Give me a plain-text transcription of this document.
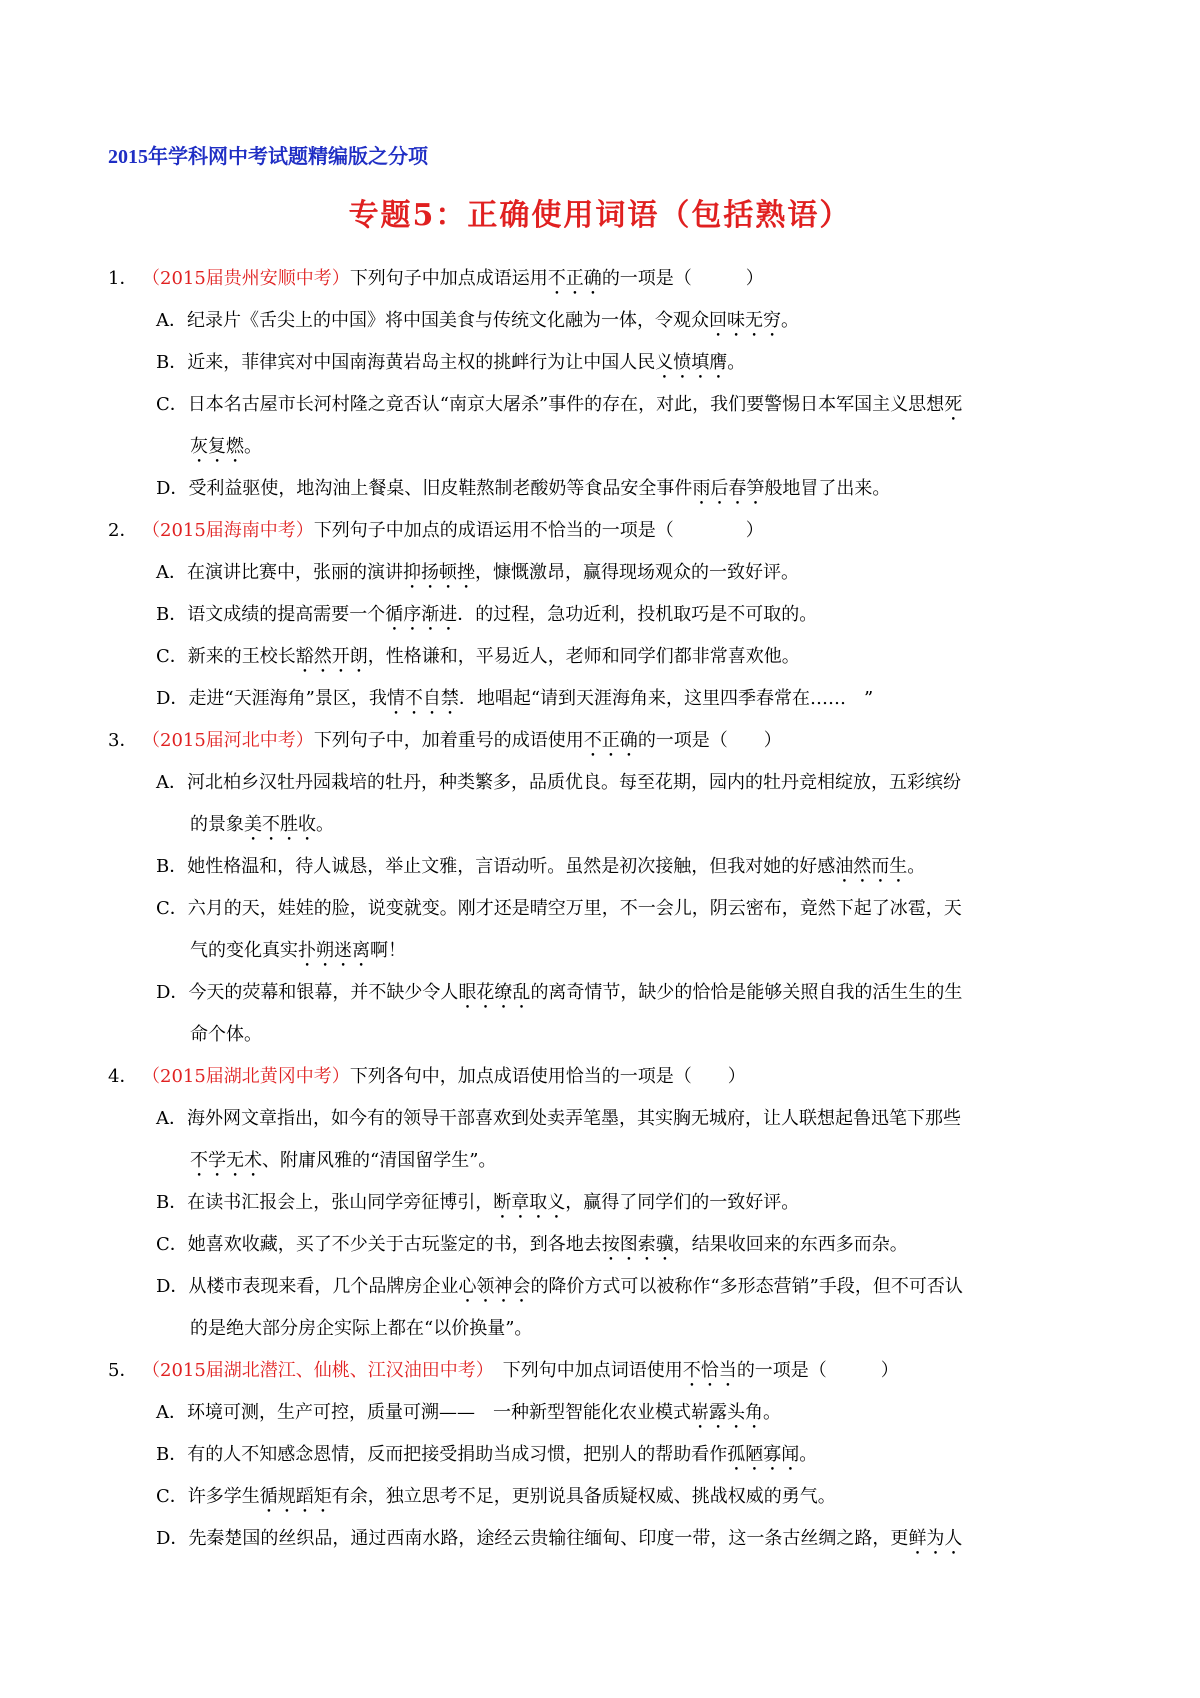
2015年学科网中考试题精编版之分项
专题5：正确使用词语（包括熟语）
1． （2015届贵州安顺中考）下列句子中加点成语运用不正确的一项是（　　　）
A．纪录片《舌尖上的中国》将中国美食与传统文化融为一体，令观众回味无穷。
B．近来，菲律宾对中国南海黄岩岛主权的挑衅行为让中国人民义愤填膺。
C．日本名古屋市长河村隆之竟否认“南京大屠杀”事件的存在，对此，我们要警惕日本军国主义思想死
灰复燃。
D．受利益驱使，地沟油上餐桌、旧皮鞋熬制老酸奶等食品安全事件雨后春笋般地冒了出来。
2． （2015届海南中考）下列句子中加点的成语运用不恰当的一项是（　　　　）
A．在演讲比赛中，张丽的演讲抑扬顿挫，慷慨激昂，赢得现场观众的一致好评。
B．语文成绩的提高需要一个循序渐进．的过程，急功近利，投机取巧是不可取的。
C．新来的王校长豁然开朗，性格谦和，平易近人，老师和同学们都非常喜欢他。
D．走进“天涯海角”景区，我情不自禁．地唱起“请到天涯海角来，这里四季春常在……　”
3． （2015届河北中考）下列句子中，加着重号的成语使用不正确的一项是（　　）
A．河北柏乡汉牡丹园栽培的牡丹，种类繁多，品质优良。每至花期，园内的牡丹竞相绽放，五彩缤纷
的景象美不胜收。
B．她性格温和，待人诚恳，举止文雅，言语动听。虽然是初次接触，但我对她的好感油然而生。
C．六月的天，娃娃的脸，说变就变。刚才还是晴空万里，不一会儿，阴云密布，竟然下起了冰雹，天
气的变化真实扑朔迷离啊！
D．今天的荧幕和银幕，并不缺少令人眼花缭乱的离奇情节，缺少的恰恰是能够关照自我的活生生的生
命个体。
4． （2015届湖北黄冈中考）下列各句中，加点成语使用恰当的一项是（　　）
A．海外网文章指出，如今有的领导干部喜欢到处卖弄笔墨，其实胸无城府，让人联想起鲁迅笔下那些
不学无术、附庸风雅的“清国留学生”。
B．在读书汇报会上，张山同学旁征博引，断章取义，赢得了同学们的一致好评。
C．她喜欢收藏，买了不少关于古玩鉴定的书，到各地去按图索骥，结果收回来的东西多而杂。
D．从楼市表现来看，几个品牌房企业心领神会的降价方式可以被称作“多形态营销”手段，但不可否认
的是绝大部分房企实际上都在“以价换量”。
5． （2015届湖北潜江、仙桃、江汉油田中考）　下列句中加点词语使用不恰当的一项是（　　　）
A．环境可测，生产可控，质量可溯——　一种新型智能化农业模式崭露头角。
B．有的人不知感念恩情，反而把接受捐助当成习惯，把别人的帮助看作孤陋寡闻。
C．许多学生循规蹈矩有余，独立思考不足，更别说具备质疑权威、挑战权威的勇气。
D．先秦楚国的丝织品，通过西南水路，途经云贵输往缅甸、印度一带，这一条古丝绸之路，更鲜为人
